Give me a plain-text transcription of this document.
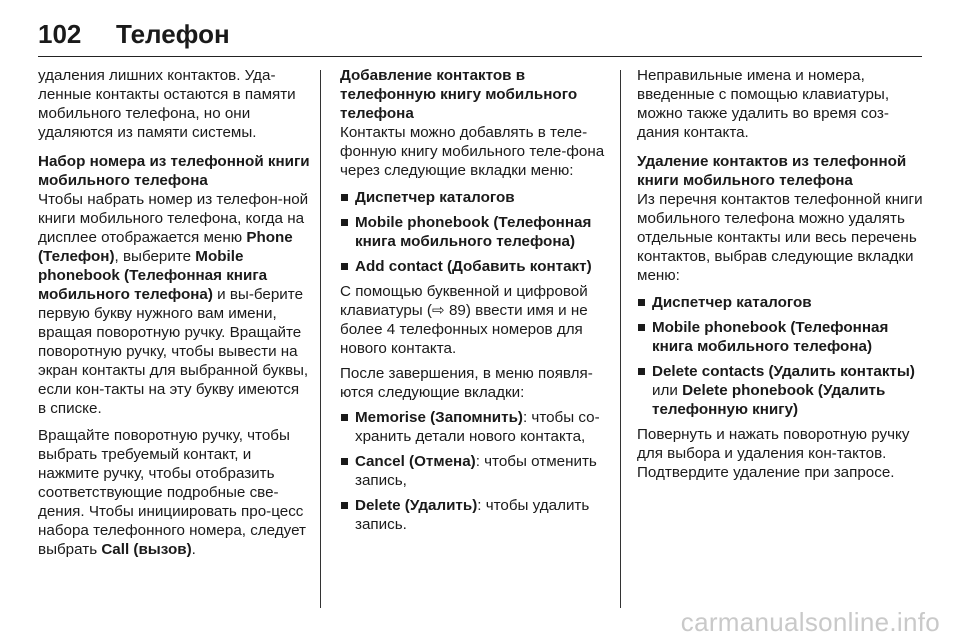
102	Телефон

удаления лишних контактов. Уда-ленные контакты остаются в памяти мобильного телефона, но они удаляются из памяти системы.

Набор номера из телефонной книги мобильного телефона

Чтобы набрать номер из телефон-ной книги мобильного телефона, когда на дисплее отображается меню Phone (Телефон), выберите Mobile phonebook (Телефонная книга мобильного телефона) и вы-берите первую букву нужного вам имени, вращая поворотную ручку. Вращайте поворотную ручку, чтобы вывести на экран контакты для выбранной буквы, если кон-такты на эту букву имеются в списке.

Вращайте поворотную ручку, чтобы выбрать требуемый контакт, и нажмите ручку, чтобы отобразить соответствующие подробные све-дения. Чтобы инициировать про-цесс набора телефонного номера, следует выбрать Call (вызов).

Добавление контактов в телефонную книгу мобильного телефона

Контакты можно добавлять в теле-фонную книгу мобильного теле-фона через следующие вкладки меню:

Диспетчер каталогов

Mobile phonebook (Телефонная книга мобильного телефона)

Add contact (Добавить контакт)

С помощью буквенной и цифровой клавиатуры (⇨ 89) ввести имя и не более 4 телефонных номеров для нового контакта.

После завершения, в меню появля-ются следующие вкладки:

Memorise (Запомнить): чтобы со-хранить детали нового контакта,

Cancel (Отмена): чтобы отменить запись,

Delete (Удалить): чтобы удалить запись.

Неправильные имена и номера, введенные с помощью клавиатуры, можно также удалить во время соз-дания контакта.

Удаление контактов из телефонной книги мобильного телефона

Из перечня контактов телефонной книги мобильного телефона можно удалять отдельные контакты или весь перечень контактов, выбрав следующие вкладки меню:

Диспетчер каталогов

Mobile phonebook (Телефонная книга мобильного телефона)

Delete contacts (Удалить контакты) или Delete phonebook (Удалить телефонную книгу)

Повернуть и нажать поворотную ручку для выбора и удаления кон-тактов. Подтвердите удаление при запросе.

carmanualsonline.info
